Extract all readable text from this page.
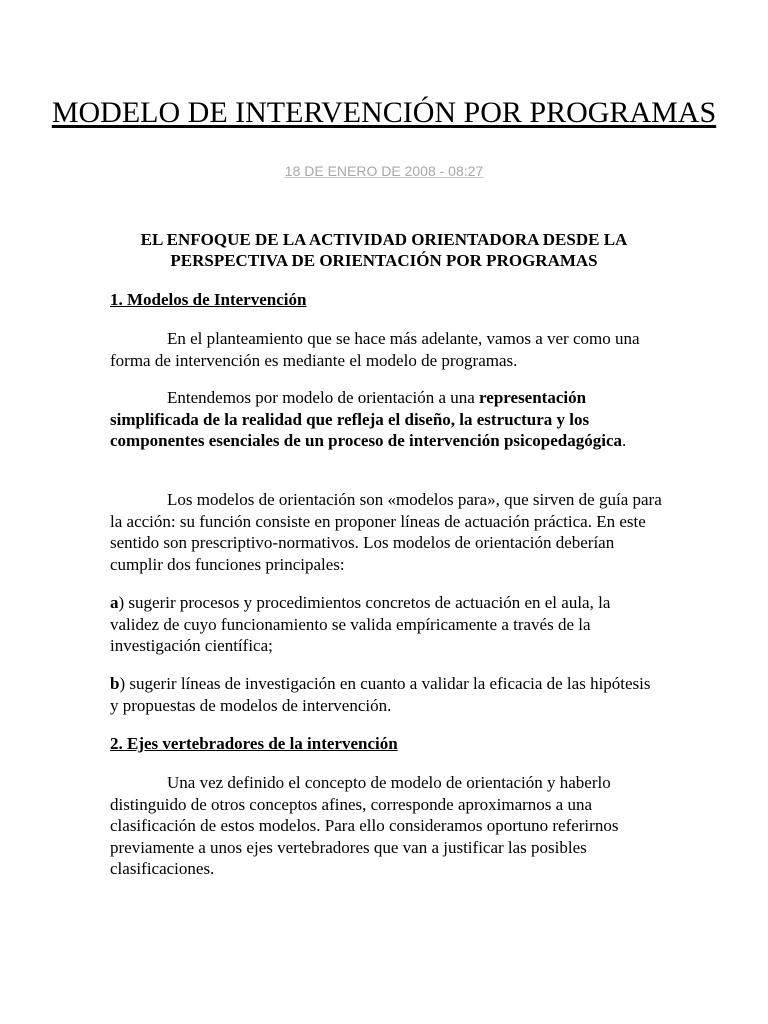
MODELO DE INTERVENCIÓN POR PROGRAMAS
18 DE ENERO DE 2008 - 08:27
EL ENFOQUE DE LA ACTIVIDAD ORIENTADORA DESDE LA PERSPECTIVA DE ORIENTACIÓN POR PROGRAMAS
1. Modelos de Intervención

En el planteamiento que se hace más adelante, vamos a ver como una forma de intervención es mediante el modelo de programas.

Entendemos por modelo de orientación a una representación simplificada de la realidad que refleja el diseño, la estructura y los componentes esenciales de un proceso de intervención psicopedagógica.

Los modelos de orientación son «modelos para», que sirven de guía para la acción: su función consiste en proponer líneas de actuación práctica. En este sentido son prescriptivo-normativos. Los modelos de orientación deberían cumplir dos funciones principales:

a) sugerir procesos y procedimientos concretos de actuación en el aula, la validez de cuyo funcionamiento se valida empíricamente a través de la investigación científica;

b) sugerir líneas de investigación en cuanto a validar la eficacia de las hipótesis y propuestas de modelos de intervención.

2. Ejes vertebradores de la intervención

Una vez definido el concepto de modelo de orientación y haberlo distinguido de otros conceptos afines, corresponde aproximarnos a una clasificación de estos modelos. Para ello consideramos oportuno referirnos previamente a unos ejes vertebradores que van a justificar las posibles clasificaciones.
